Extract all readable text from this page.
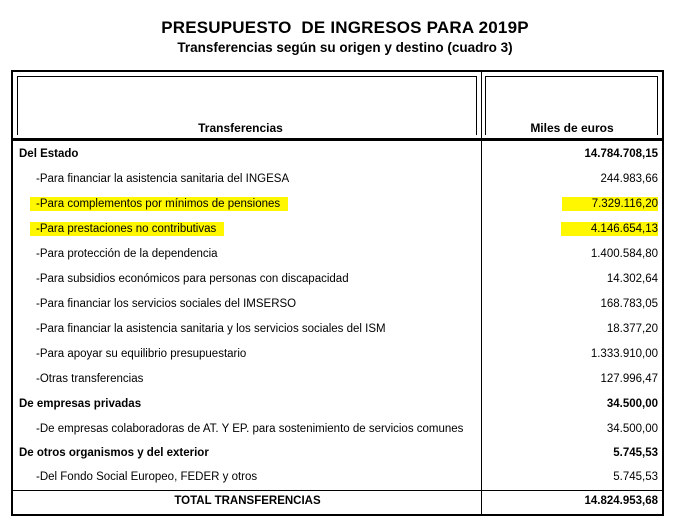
PRESUPUESTO  DE INGRESOS PARA 2019P
Transferencias según su origen y destino (cuadro 3)
Transferencias	Miles de euros
Del Estado	14.784.708,15
-Para financiar la asistencia sanitaria del INGESA	244.983,66
-Para complementos por mínimos de pensiones	7.329.116,20
-Para prestaciones no contributivas	4.146.654,13
-Para protección de la dependencia	1.400.584,80
-Para subsidios económicos para personas con discapacidad	14.302,64
-Para financiar los servicios sociales del IMSERSO	168.783,05
-Para financiar la asistencia sanitaria y los servicios sociales del ISM	18.377,20
-Para apoyar su equilibrio presupuestario	1.333.910,00
-Otras transferencias	127.996,47
De empresas privadas	34.500,00
-De empresas colaboradoras de AT. Y EP. para sostenimiento de servicios comunes	34.500,00
De otros organismos y del exterior	5.745,53
-Del Fondo Social Europeo, FEDER y otros	5.745,53
TOTAL TRANSFERENCIAS	14.824.953,68
